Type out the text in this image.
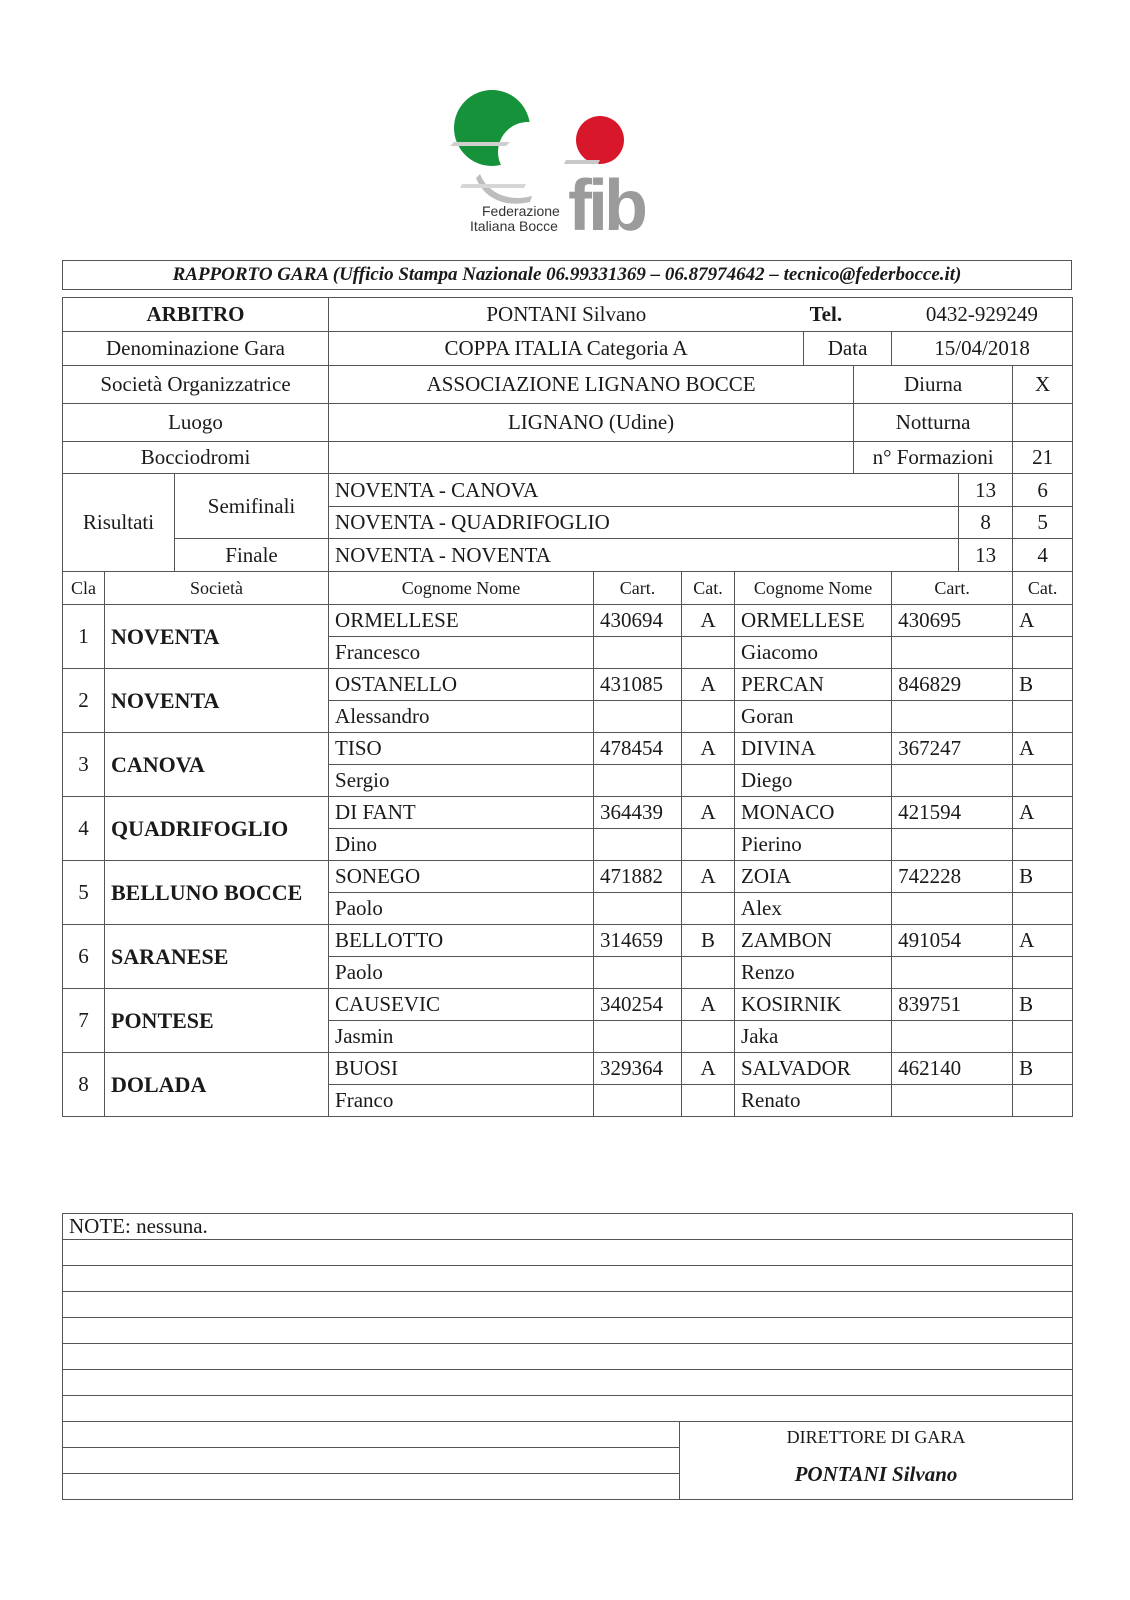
fib
Federazione
Italiana Bocce
RAPPORTO GARA (Ufficio Stampa Nazionale 06.99331369 – 06.87974642 – tecnico@federbocce.it)
ARBITRO			PONTANI Silvano				Tel.		0432-929249		
Denominazione Gara			COPPA ITALIA Categoria A				Data		15/04/2018		
Società Organizzatrice			ASSOCIAZIONE LIGNANO BOCCE					Diurna			X
Luogo			LIGNANO (Udine)					Notturna			
Bocciodromi								n° Formazioni			21
Risultati		Semifinali	NOVENTA - CANOVA							13	6
			NOVENTA - QUADRIFOGLIO							8	5
		Finale	NOVENTA - NOVENTA							13	4
Cla	Società		Cognome Nome	Cart.	Cat.	Cognome Nome			Cart.		Cat.
1	NOVENTA		ORMELLESE	430694	A	ORMELLESE			430695		A
			Francesco			Giacomo					
2	NOVENTA		OSTANELLO	431085	A	PERCAN			846829		B
			Alessandro			Goran					
3	CANOVA		TISO	478454	A	DIVINA			367247		A
			Sergio			Diego					
4	QUADRIFOGLIO		DI FANT	364439	A	MONACO			421594		A
			Dino			Pierino					
5	BELLUNO BOCCE		SONEGO	471882	A	ZOIA			742228		B
			Paolo			Alex					
6	SARANESE		BELLOTTO	314659	B	ZAMBON			491054		A
			Paolo			Renzo					
7	PONTESE		CAUSEVIC	340254	A	KOSIRNIK			839751		B
			Jasmin			Jaka					
8	DOLADA		BUOSI	329364	A	SALVADOR			462140		B
			Franco			Renato					
NOTE: nessuna.

DIRETTORE DI GARA
PONTANI Silvano
